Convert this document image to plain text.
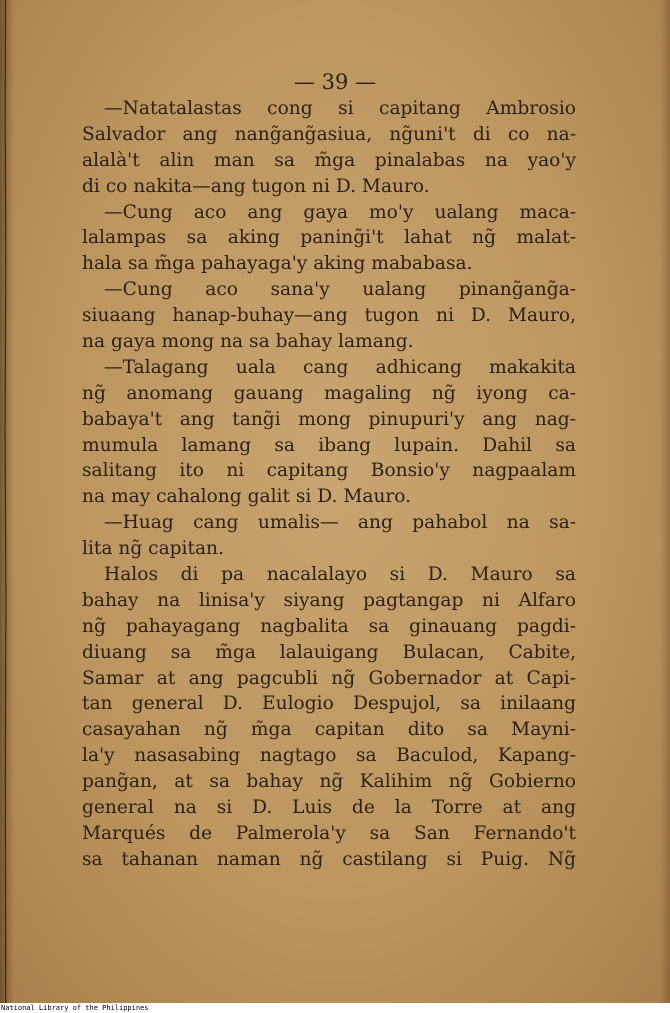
— 39 —
—Natatalastas cong si capitang Ambrosio
Salvador ang nang̃ang̃asiua, ng̃uni't di co na-
alalà't alin man sa m̃ga pinalabas na yao'y
di co nakita—ang tugon ni D. Mauro.
—Cung aco ang gaya mo'y ualang maca-
lalampas sa aking paning̃i't lahat ng̃ malat-
hala sa m̃ga pahayaga'y aking mababasa.
—Cung aco sana'y ualang pinang̃ang̃a-
siuaang hanap-buhay—ang tugon ni D. Mauro,
na gaya mong na sa bahay lamang.
—Talagang uala cang adhicang makakita
ng̃ anomang gauang magaling ng̃ iyong ca-
babaya't ang tang̃i mong pinupuri'y ang nag-
mumula lamang sa ibang lupain. Dahil sa
salitang ito ni capitang Bonsio'y nagpaalam
na may cahalong galit si D. Mauro.
—Huag cang umalis— ang pahabol na sa-
lita ng̃ capitan.
Halos di pa nacalalayo si D. Mauro sa
bahay na linisa'y siyang pagtangap ni Alfaro
ng̃ pahayagang nagbalita sa ginauang pagdi-
diuang sa m̃ga lalauigang Bulacan, Cabite,
Samar at ang pagcubli ng̃ Gobernador at Capi-
tan general D. Eulogio Despujol, sa inilaang
casayahan ng̃ m̃ga capitan dito sa Mayni-
la'y nasasabing nagtago sa Baculod, Kapang-
pang̃an, at sa bahay ng̃ Kalihim ng̃ Gobierno
general na si D. Luis de la Torre at ang
Marqués de Palmerola'y sa San Fernando't
sa tahanan naman ng̃ castilang si Puig. Ng̃
National Library of the Philippines
